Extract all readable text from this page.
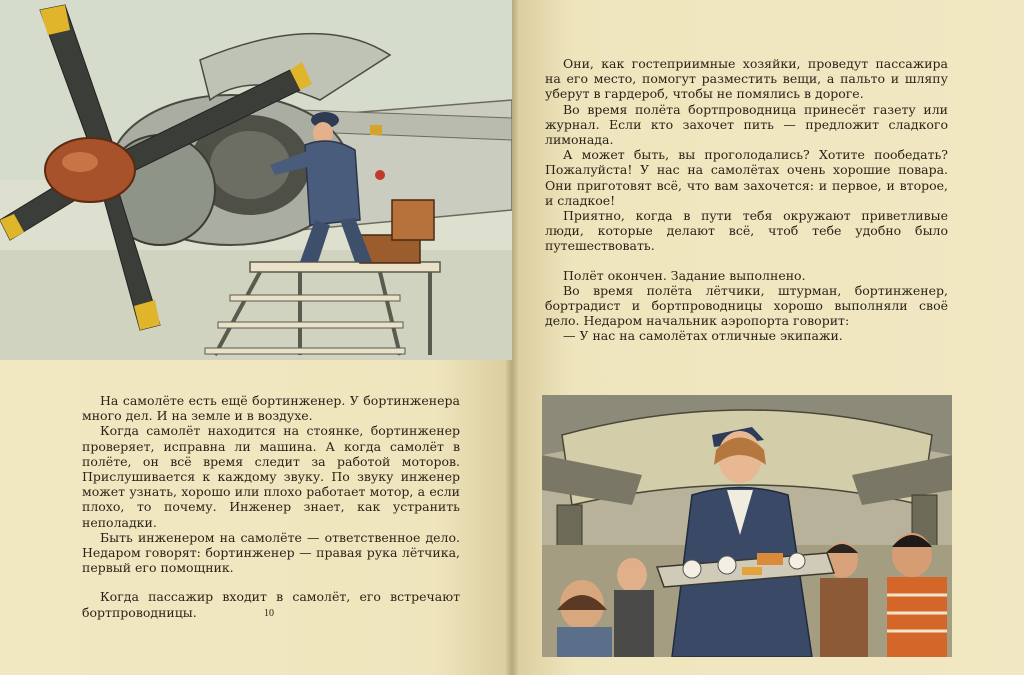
На самолёте есть ещё бортинженер. У бортинженера много дел. И на земле и в воздухе.

Когда самолёт находится на стоянке, бортинженер проверяет, исправна ли машина. А когда самолёт в полёте, он всё время следит за работой моторов. Прислушивается к каждому звуку. По звуку инженер может узнать, хорошо или плохо работает мотор, а если плохо, то почему. Инженер знает, как устранить неполадки.

Быть инженером на самолёте — ответственное дело. Недаром говорят: бортинженер — правая рука лётчика, первый его помощник.

Когда пассажир входит в самолёт, его встречают бортпроводницы.	10

Они, как гостеприимные хозяйки, проведут пассажира на его место, помогут разместить вещи, а пальто и шляпу уберут в гардероб, чтобы не помялись в дороге.

Во время полёта бортпроводница принесёт газету или журнал. Если кто захочет пить — предложит сладкого лимонада.

А может быть, вы проголодались? Хотите пообедать? Пожалуйста! У нас на самолётах очень хорошие повара. Они приготовят всё, что вам захочется: и первое, и второе, и сладкое!

Приятно, когда в пути тебя окружают приветливые люди, которые делают всё, чтоб тебе удобно было путешествовать.

Полёт окончен. Задание выполнено.

Во время полёта лётчики, штурман, бортинженер, бортрадист и бортпроводницы хорошо выполняли своё дело. Недаром начальник аэропорта говорит:

— У нас на самолётах отличные экипажи.
